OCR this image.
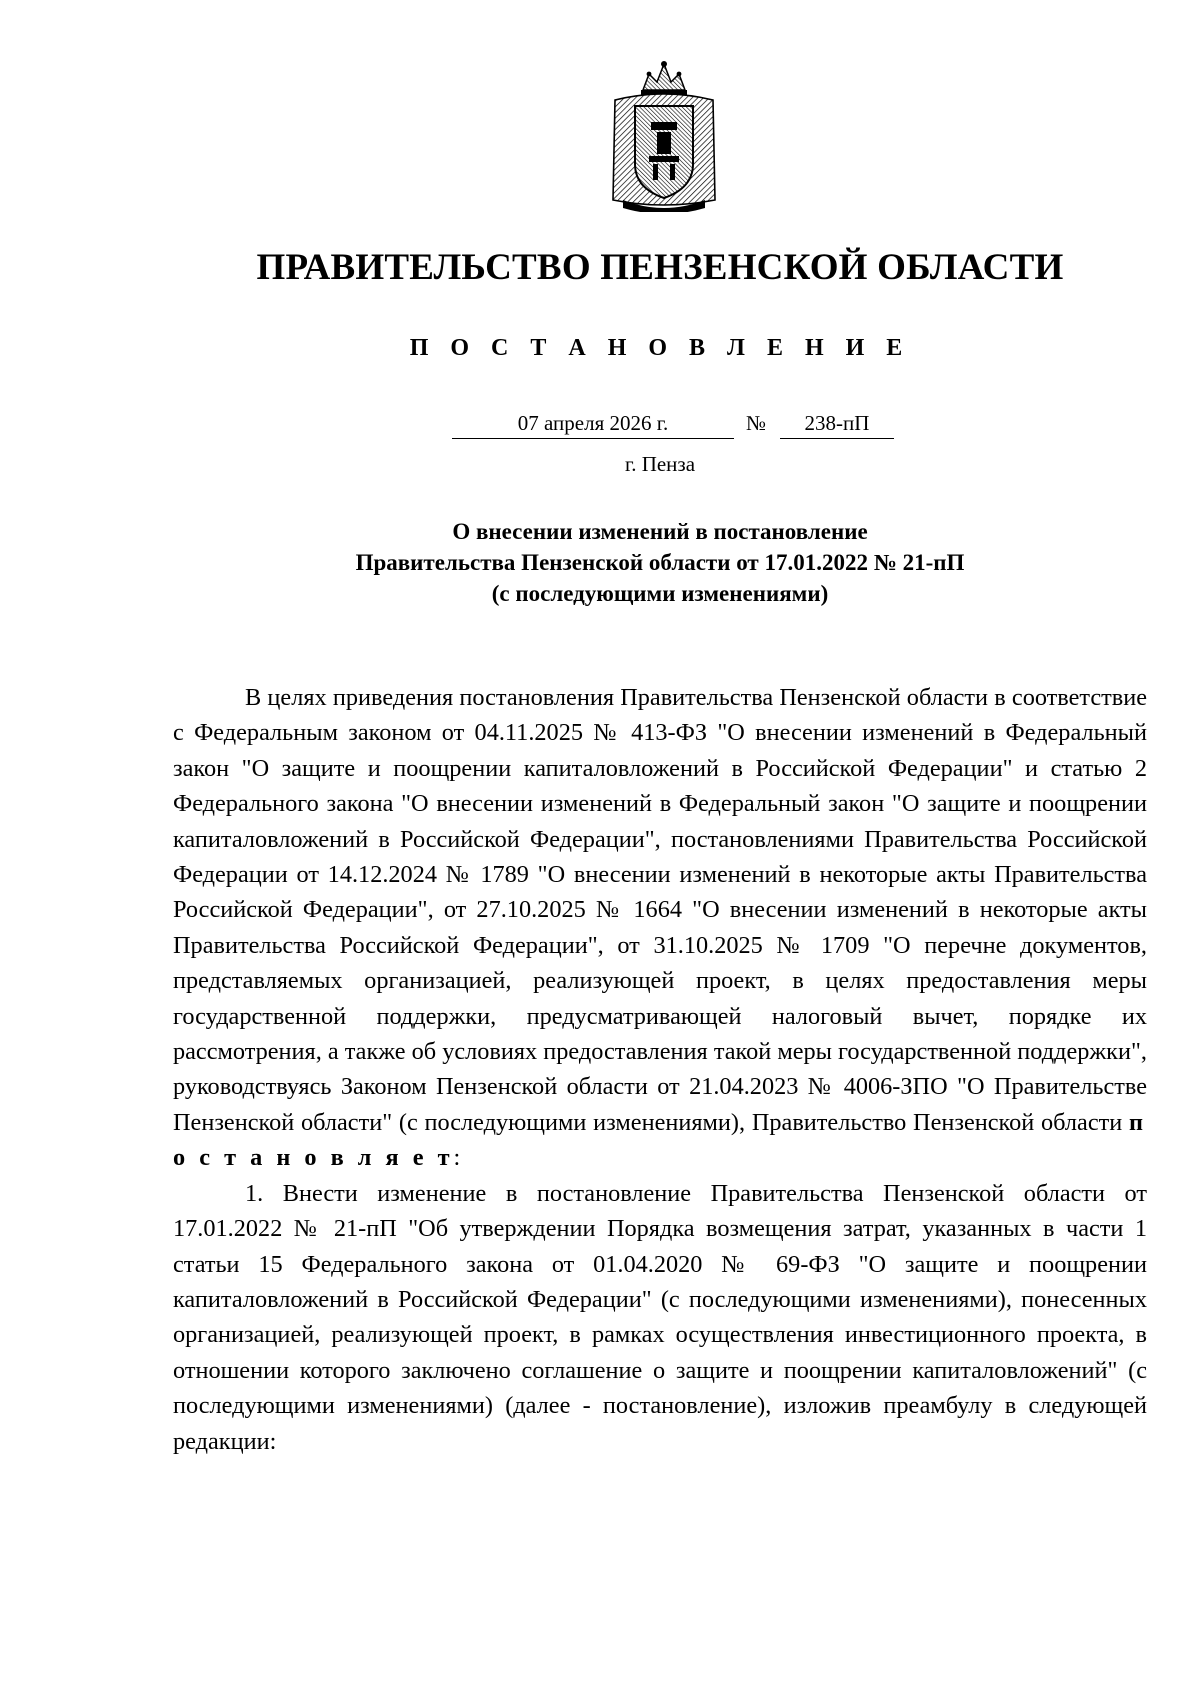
ПРАВИТЕЛЬСТВО ПЕНЗЕНСКОЙ ОБЛАСТИ
П О С Т А Н О В Л Е Н И Е
07 апреля 2026 г.	№	238-пП
г. Пенза
О внесении изменений в постановление
Правительства Пензенской области от 17.01.2022 № 21-пП
(с последующими изменениями)

В целях приведения постановления Правительства Пензенской области в соответствие с Федеральным законом от 04.11.2025 № 413-ФЗ "О внесении изменений в Федеральный закон "О защите и поощрении капиталовложений в Российской Федерации" и статью 2 Федерального закона "О внесении изменений в Федеральный закон "О защите и поощрении капиталовложений в Российской Федерации", постановлениями Правительства Российской Федерации от 14.12.2024 № 1789 "О внесении изменений в некоторые акты Правительства Российской Федерации", от 27.10.2025 № 1664 "О внесении изменений в некоторые акты Правительства Российской Федерации", от 31.10.2025 № 1709 "О перечне документов, представляемых организацией, реализующей проект, в целях предоставления меры государственной поддержки, предусматривающей налоговый вычет, порядке их рассмотрения, а также об условиях предоставления такой меры государственной поддержки", руководствуясь Законом Пензенской области от 21.04.2023 № 4006-ЗПО "О Правительстве Пензенской области" (с последующими изменениями), Правительство Пензенской области п о с т а н о в л я е т:

1. Внести изменение в постановление Правительства Пензенской области от 17.01.2022 № 21-пП "Об утверждении Порядка возмещения затрат, указанных в части 1 статьи 15 Федерального закона от 01.04.2020 № 69-ФЗ "О защите и поощрении капиталовложений в Российской Федерации" (с последующими изменениями), понесенных организацией, реализующей проект, в рамках осуществления инвестиционного проекта, в отношении которого заключено соглашение о защите и поощрении капиталовложений" (с последующими изменениями) (далее - постановление), изложив преамбулу в следующей редакции:
